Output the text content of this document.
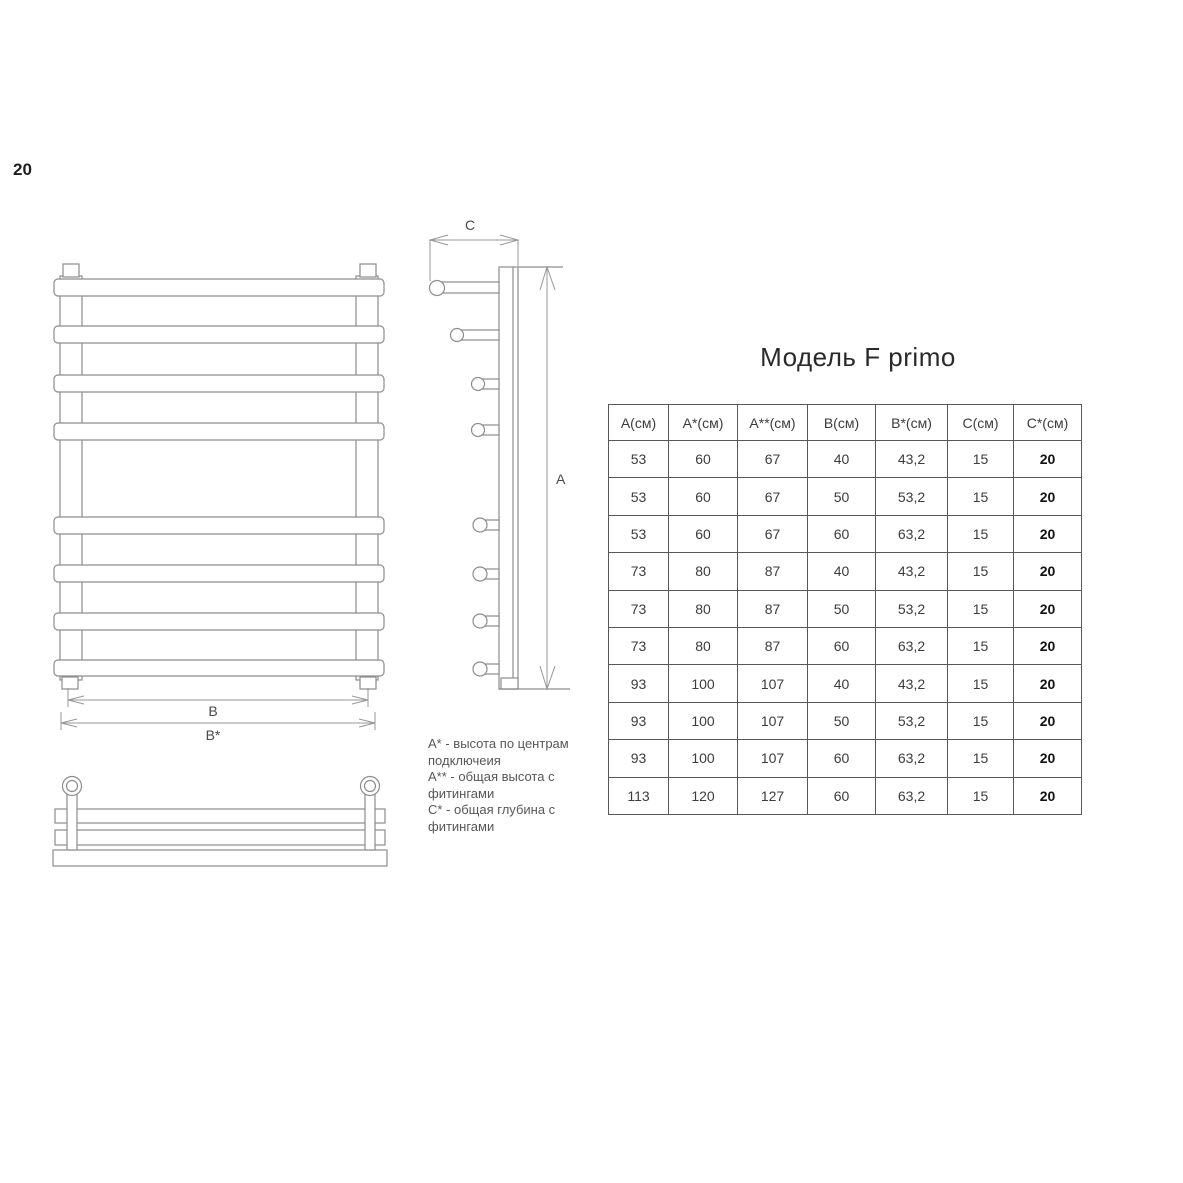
20
В
В*
С
А

А* - высота по центрам подключеия

А** - общая высота с фитингами

С* - общая глубина с фитингами

Модель F primo
А(см)	А*(см)	А**(см)	В(см)	В*(см)	С(см)	С*(см)
53	60	67	40	43,2	15	20
53	60	67	50	53,2	15	20
53	60	67	60	63,2	15	20
73	80	87	40	43,2	15	20
73	80	87	50	53,2	15	20
73	80	87	60	63,2	15	20
93	100	107	40	43,2	15	20
93	100	107	50	53,2	15	20
93	100	107	60	63,2	15	20
113	120	127	60	63,2	15	20
